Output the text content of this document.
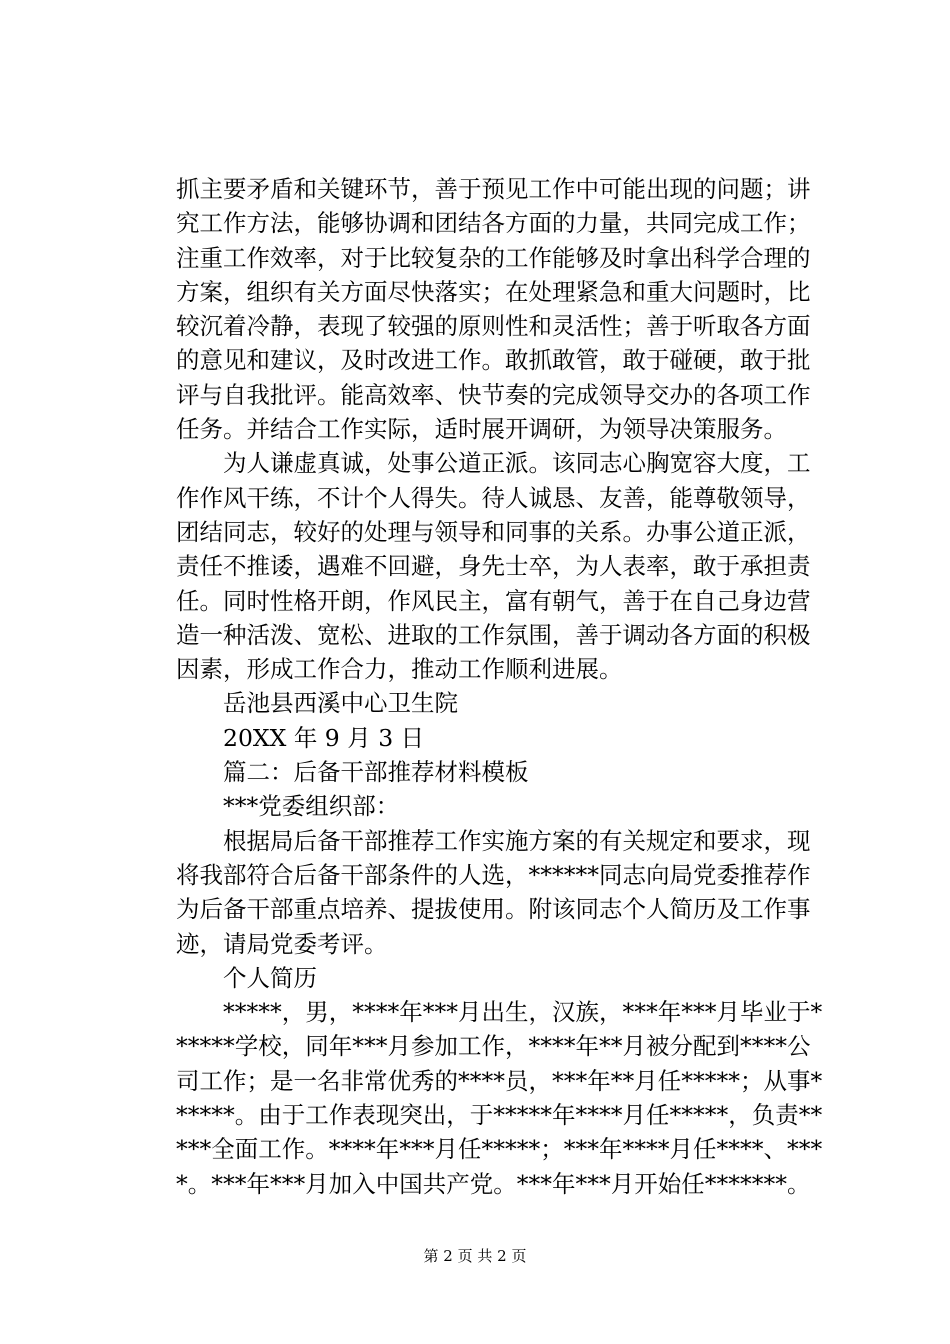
抓主要矛盾和关键环节，善于预见工作中可能出现的问题；讲
究工作方法，能够协调和团结各方面的力量，共同完成工作；
注重工作效率，对于比较复杂的工作能够及时拿出科学合理的
方案，组织有关方面尽快落实；在处理紧急和重大问题时，比
较沉着冷静，表现了较强的原则性和灵活性；善于听取各方面
的意见和建议，及时改进工作。敢抓敢管，敢于碰硬，敢于批
评与自我批评。能高效率、快节奏的完成领导交办的各项工作
任务。并结合工作实际，适时展开调研，为领导决策服务。
为人谦虚真诚，处事公道正派。该同志心胸宽容大度，工
作作风干练，不计个人得失。待人诚恳、友善，能尊敬领导，
团结同志，较好的处理与领导和同事的关系。办事公道正派，
责任不推诿，遇难不回避，身先士卒，为人表率，敢于承担责
任。同时性格开朗，作风民主，富有朝气，善于在自己身边营
造一种活泼、宽松、进取的工作氛围，善于调动各方面的积极
因素，形成工作合力，推动工作顺利进展。
岳池县西溪中心卫生院
20XX 年 9 月 3 日
篇二：后备干部推荐材料模板
***党委组织部：
根据局后备干部推荐工作实施方案的有关规定和要求，现
将我部符合后备干部条件的人选，******同志向局党委推荐作
为后备干部重点培养、提拔使用。附该同志个人简历及工作事
迹，请局党委考评。
个人简历
*****，男，****年***月出生，汉族，***年***月毕业于*
*****学校，同年***月参加工作，****年**月被分配到****公
司工作；是一名非常优秀的****员，***年**月任*****；从事*
*****。由于工作表现突出，于*****年****月任*****，负责**
***全面工作。****年***月任*****；***年****月任****、***
*。***年***月加入中国共产党。***年***月开始任*******。
第 2 页 共 2 页
